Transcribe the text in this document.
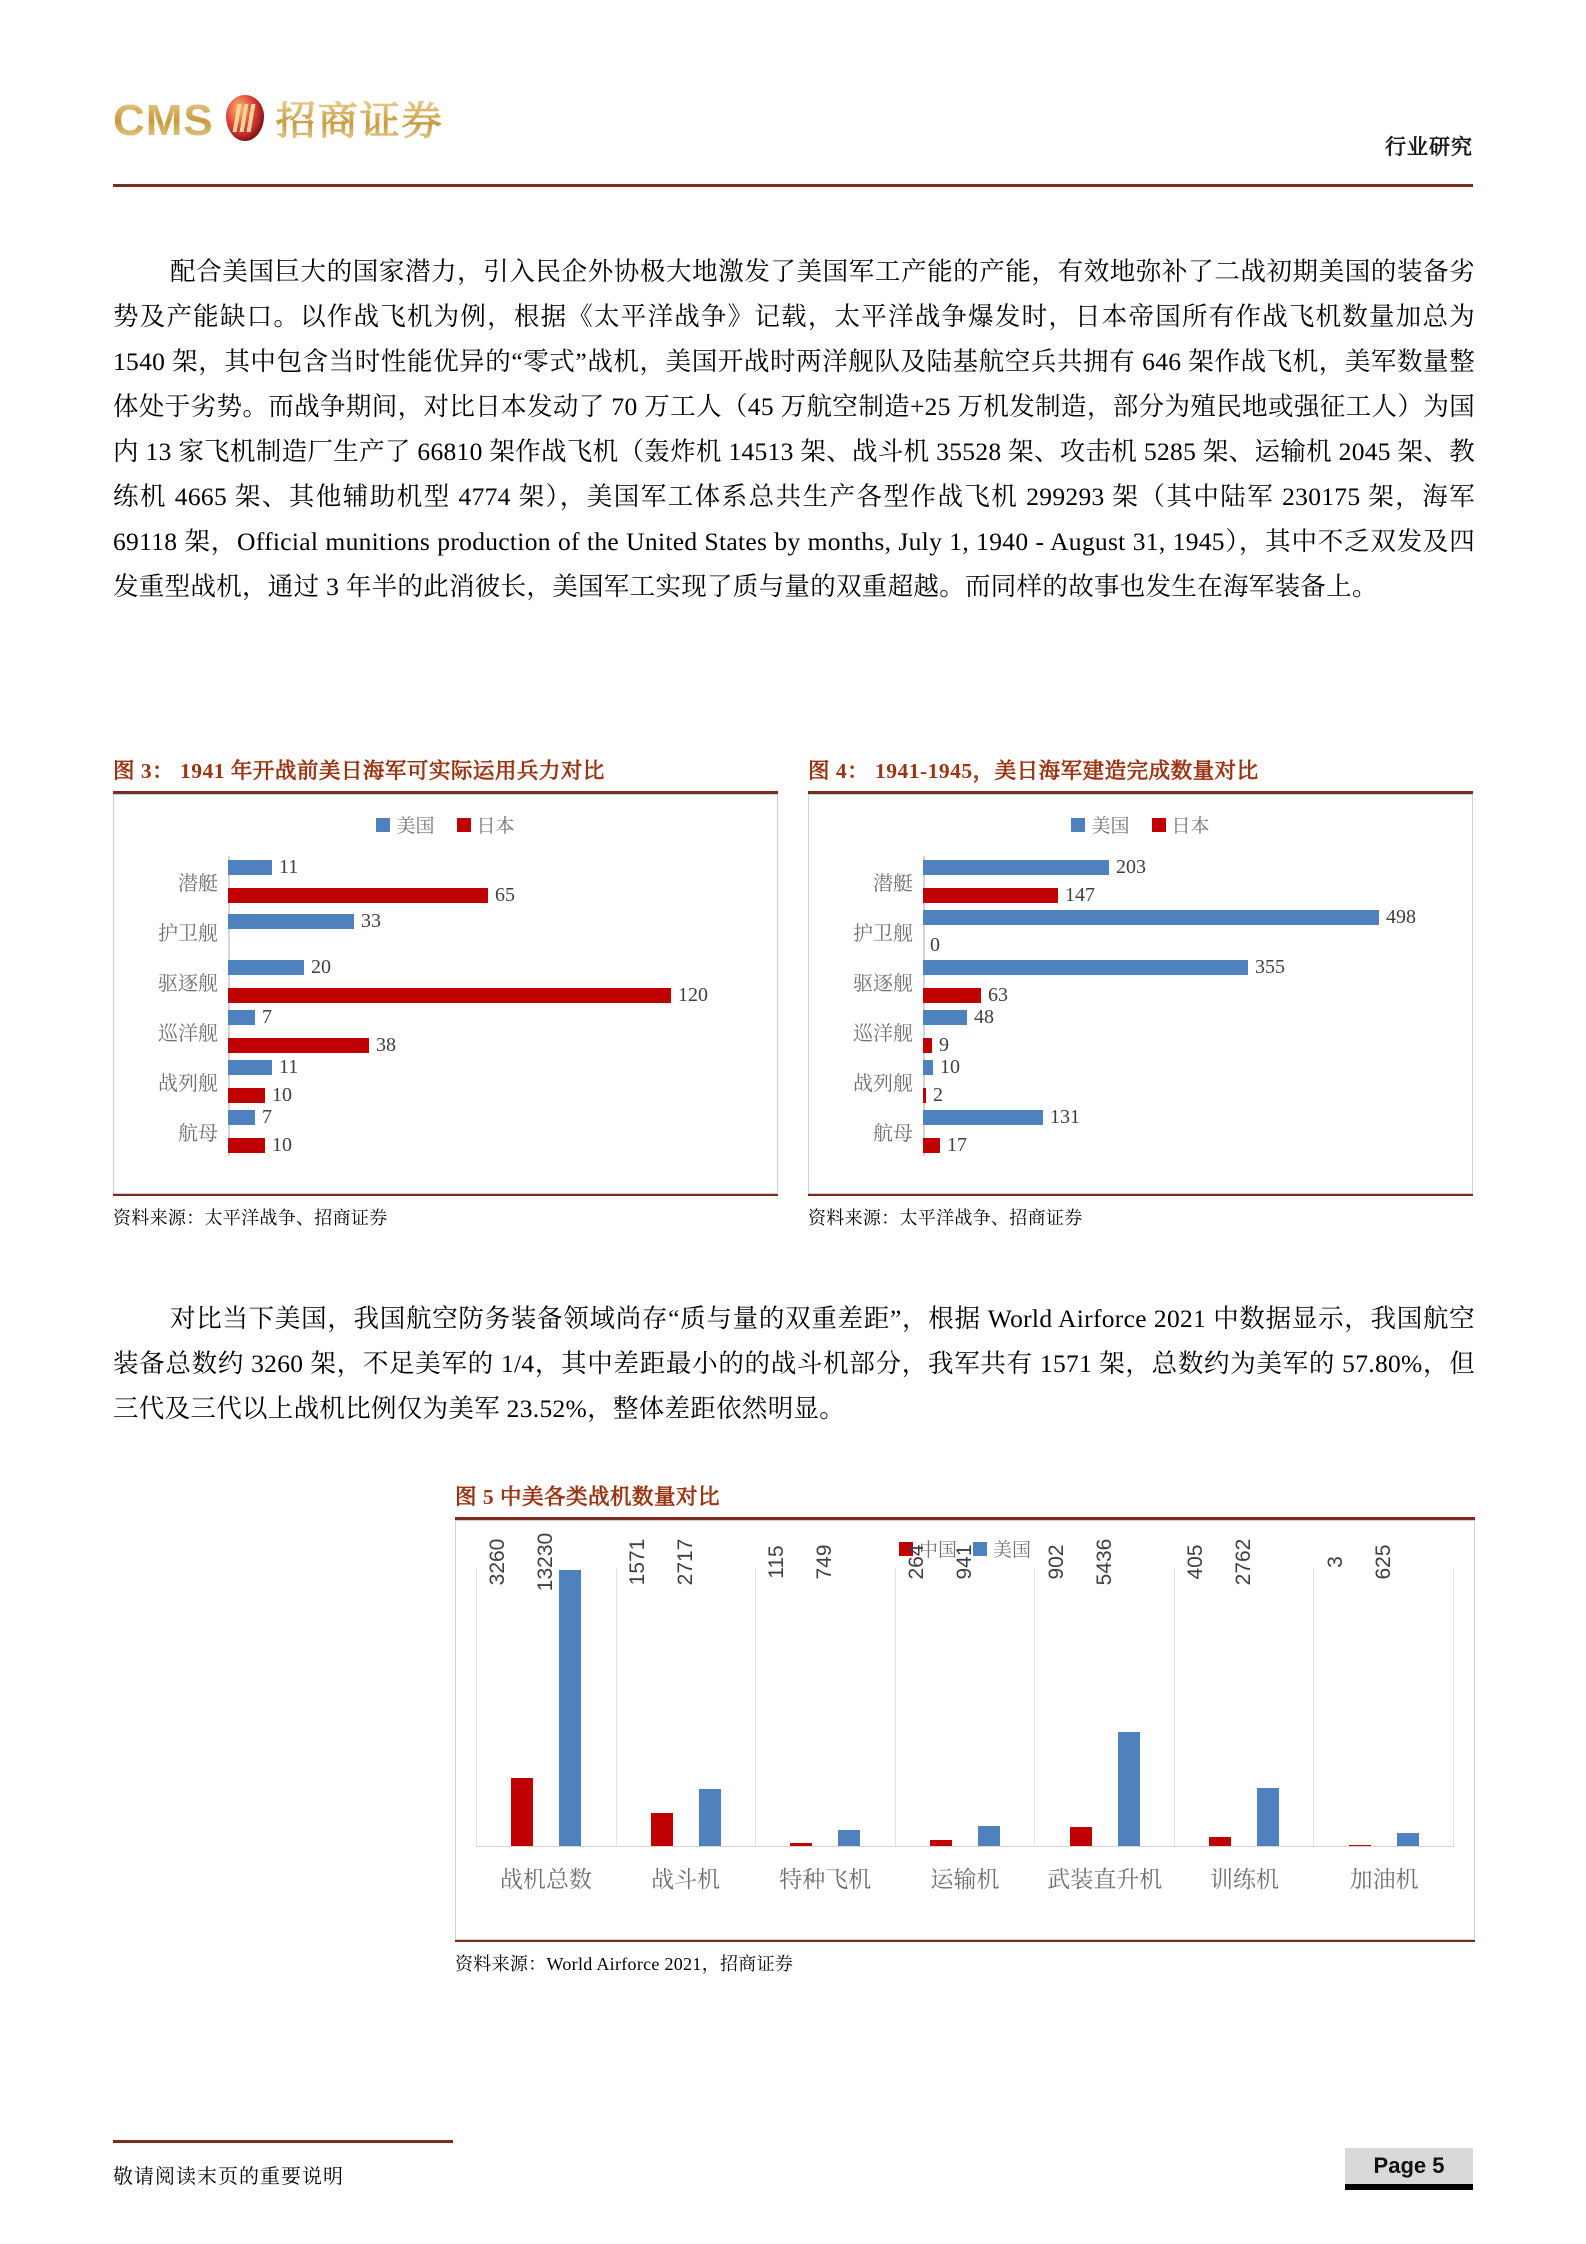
CMS 招商证券
行业研究
配合美国巨大的国家潜力，引入民企外协极大地激发了美国军工产能的产能，有效地弥补了二战初期美国的装备劣势及产能缺口。以作战飞机为例，根据《太平洋战争》记载，太平洋战争爆发时，日本帝国所有作战飞机数量加总为 1540 架，其中包含当时性能优异的“零式”战机，美国开战时两洋舰队及陆基航空兵共拥有 646 架作战飞机，美军数量整体处于劣势。而战争期间，对比日本发动了 70 万工人（45 万航空制造+25 万机发制造，部分为殖民地或强征工人）为国内 13 家飞机制造厂生产了 66810 架作战飞机（轰炸机 14513 架、战斗机 35528 架、攻击机 5285 架、运输机 2045 架、教练机 4665 架、其他辅助机型 4774 架），美国军工体系总共生产各型作战飞机 299293 架（其中陆军 230175 架，海军 69118 架，Official munitions production of the United States by months, July 1, 1940 - August 31, 1945），其中不乏双发及四发重型战机，通过 3 年半的此消彼长，美国军工实现了质与量的双重超越。而同样的故事也发生在海军装备上。
图 3： 1941 年开战前美日海军可实际运用兵力对比
美国 日本
潜艇
11
65
护卫舰
33
驱逐舰
20
120
巡洋舰
7
38
战列舰
11
10
航母
7
10
资料来源：太平洋战争、招商证券
图 4： 1941-1945，美日海军建造完成数量对比
美国 日本
潜艇
203
147
护卫舰
498
0
驱逐舰
355
63
巡洋舰
48
9
战列舰
10
2
航母
131
17
资料来源：太平洋战争、招商证券
对比当下美国，我国航空防务装备领域尚存“质与量的双重差距”，根据 World Airforce 2021 中数据显示，我国航空装备总数约 3260 架，不足美军的 1/4，其中差距最小的的战斗机部分，我军共有 1571 架，总数约为美军的 57.80%，但三代及三代以上战机比例仅为美军 23.52%，整体差距依然明显。
图 5 中美各类战机数量对比
中国 美国
3260 13230	1571 2717	115 749	264 941	902 5436	405 2762	3 625
战机总数	战斗机	特种飞机	运输机	武装直升机	训练机	加油机
资料来源：World Airforce 2021，招商证券
敬请阅读末页的重要说明	Page 5
